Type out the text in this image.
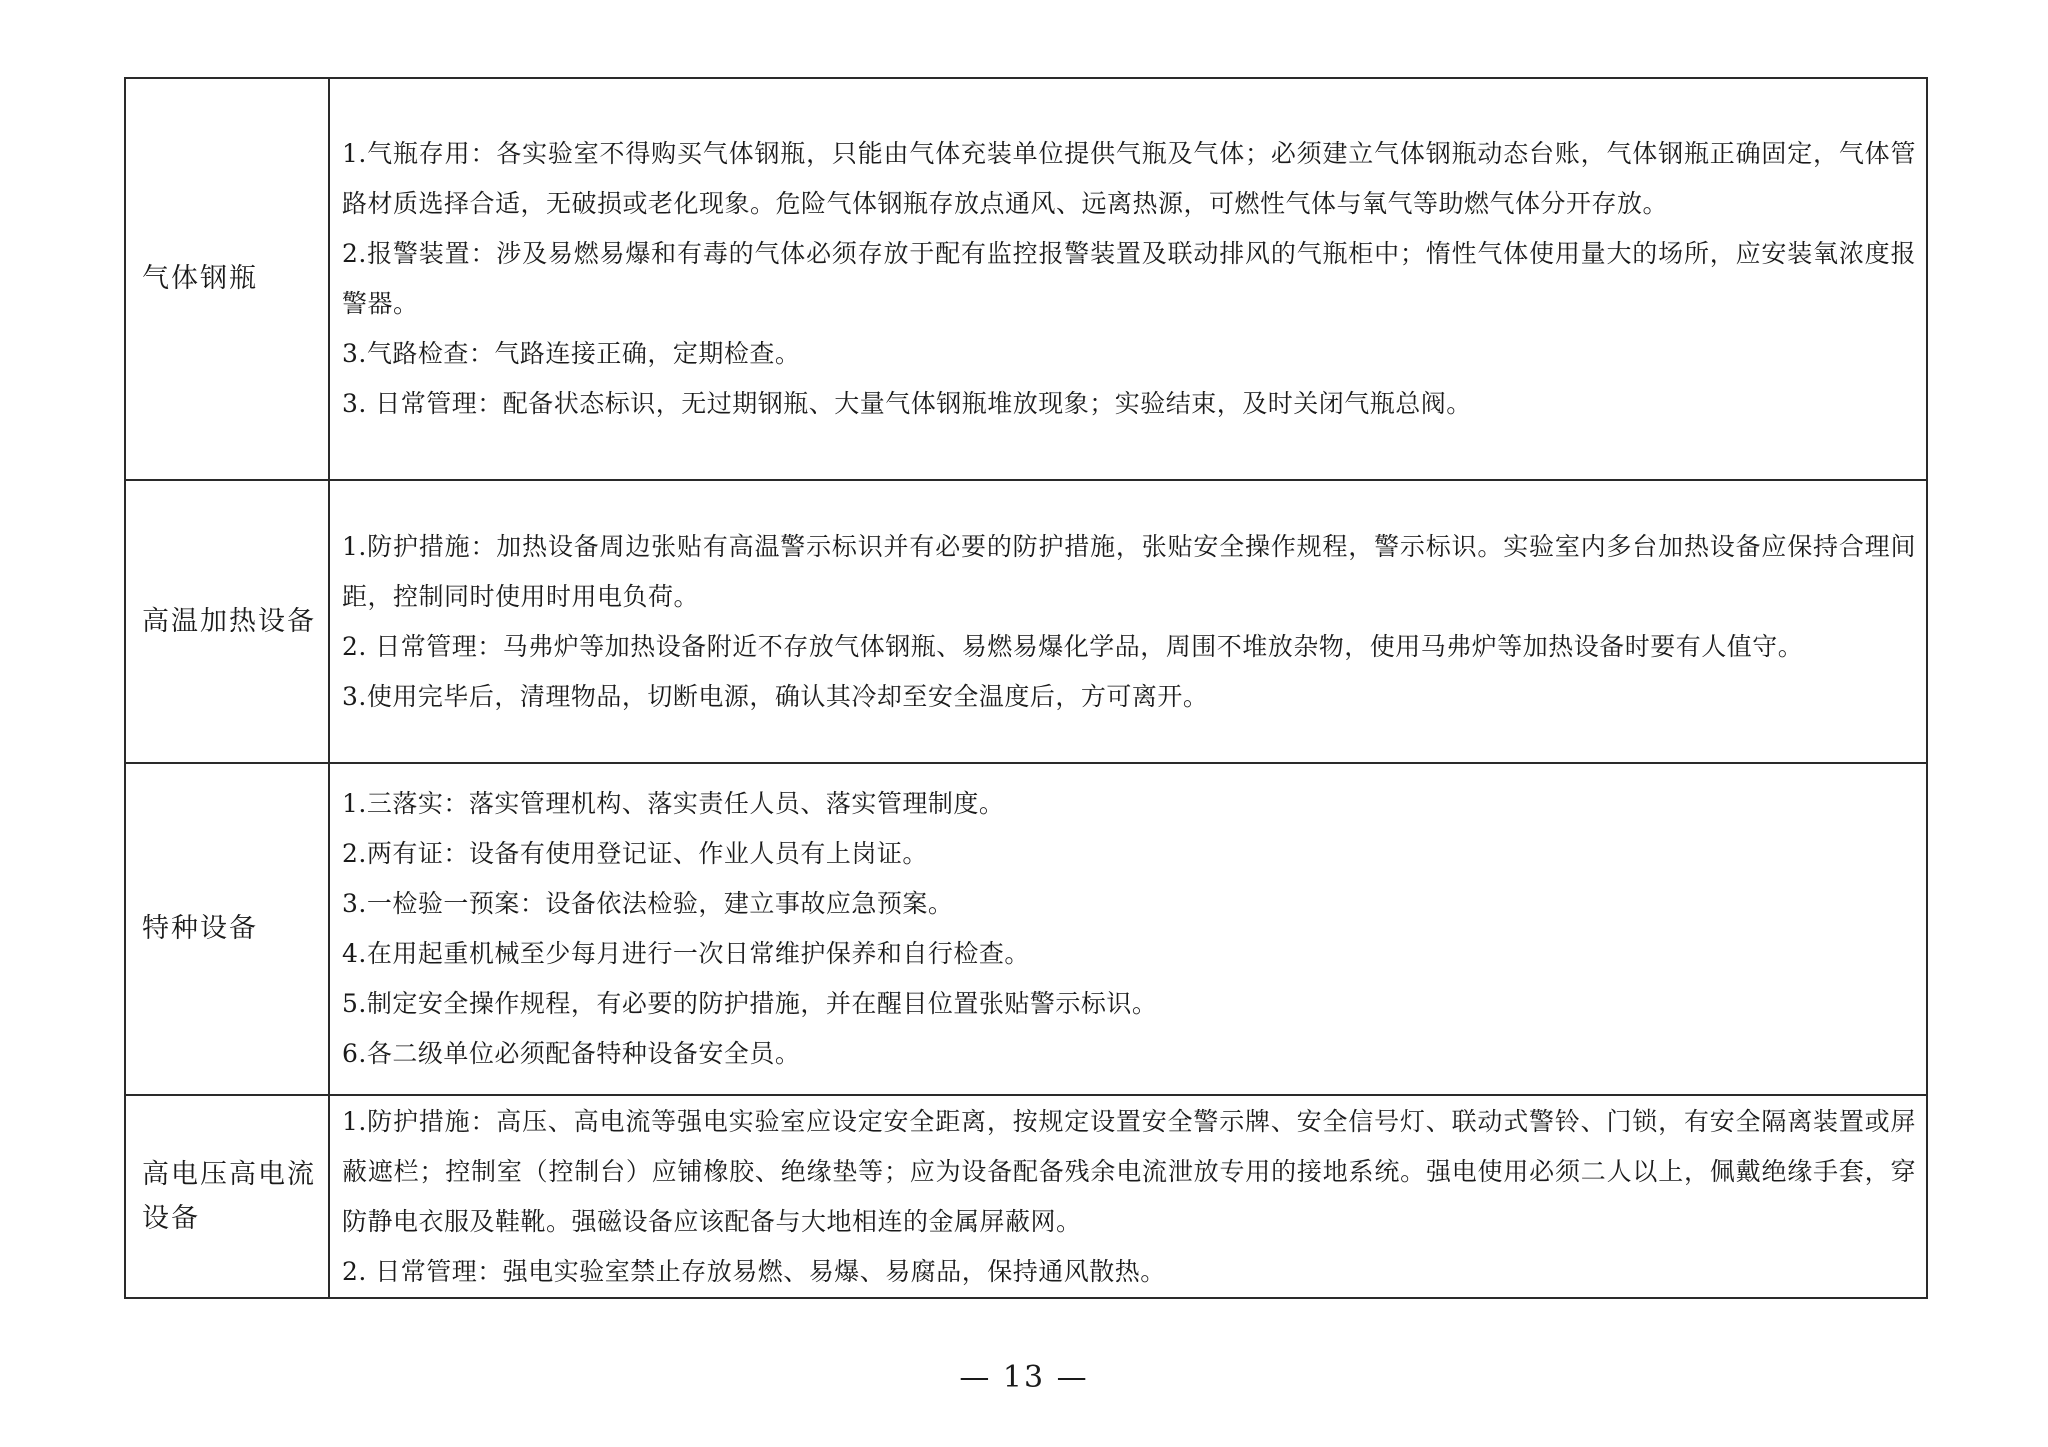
气体钢瓶

1.气瓶存用：各实验室不得购买气体钢瓶，只能由气体充装单位提供气瓶及气体；必须建立气体钢瓶动态台账，气体钢瓶正确固定，气体管路材质选择合适，无破损或老化现象。危险气体钢瓶存放点通风、远离热源，可燃性气体与氧气等助燃气体分开存放。

2.报警装置：涉及易燃易爆和有毒的气体必须存放于配有监控报警装置及联动排风的气瓶柜中；惰性气体使用量大的场所，应安装氧浓度报警器。

3.气路检查：气路连接正确，定期检查。

3. 日常管理：配备状态标识，无过期钢瓶、大量气体钢瓶堆放现象；实验结束，及时关闭气瓶总阀。

高温加热设备

1.防护措施：加热设备周边张贴有高温警示标识并有必要的防护措施，张贴安全操作规程，警示标识。实验室内多台加热设备应保持合理间距，控制同时使用时用电负荷。

2. 日常管理：马弗炉等加热设备附近不存放气体钢瓶、易燃易爆化学品，周围不堆放杂物，使用马弗炉等加热设备时要有人值守。

3.使用完毕后，清理物品，切断电源，确认其冷却至安全温度后，方可离开。

特种设备

1.三落实：落实管理机构、落实责任人员、落实管理制度。

2.两有证：设备有使用登记证、作业人员有上岗证。

3.一检验一预案：设备依法检验，建立事故应急预案。

4.在用起重机械至少每月进行一次日常维护保养和自行检查。

5.制定安全操作规程，有必要的防护措施，并在醒目位置张贴警示标识。

6.各二级单位必须配备特种设备安全员。

高电压高电流设备

1.防护措施：高压、高电流等强电实验室应设定安全距离，按规定设置安全警示牌、安全信号灯、联动式警铃、门锁，有安全隔离装置或屏蔽遮栏；控制室（控制台）应铺橡胶、绝缘垫等；应为设备配备残余电流泄放专用的接地系统。强电使用必须二人以上，佩戴绝缘手套，穿防静电衣服及鞋靴。强磁设备应该配备与大地相连的金属屏蔽网。

2. 日常管理：强电实验室禁止存放易燃、易爆、易腐品，保持通风散热。

— 13 —
